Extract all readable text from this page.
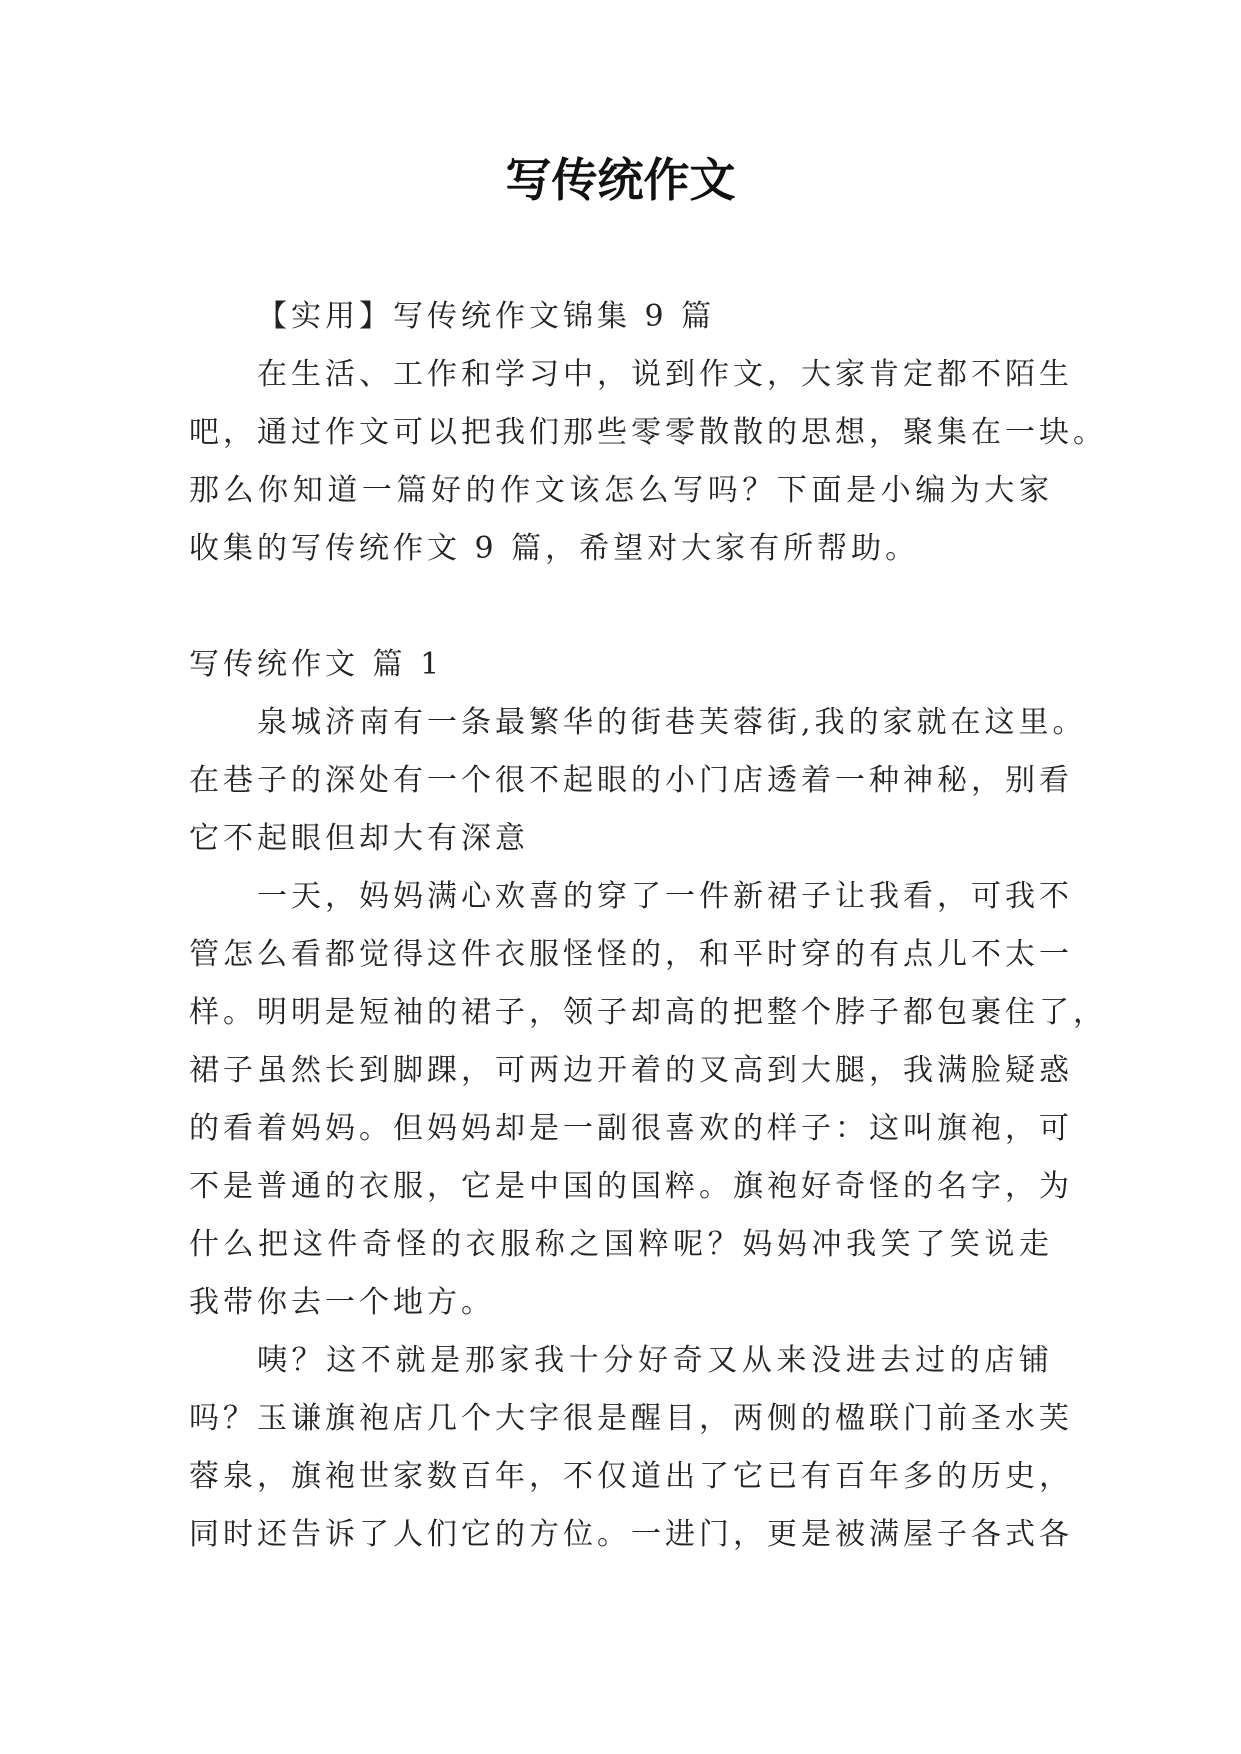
写传统作文
【实用】写传统作文锦集 9 篇
在生活、工作和学习中，说到作文，大家肯定都不陌生
吧，通过作文可以把我们那些零零散散的思想，聚集在一块。
那么你知道一篇好的作文该怎么写吗？下面是小编为大家
收集的写传统作文 9 篇，希望对大家有所帮助。
写传统作文 篇 1
泉城济南有一条最繁华的街巷芙蓉街,我的家就在这里。
在巷子的深处有一个很不起眼的小门店透着一种神秘，别看
它不起眼但却大有深意
一天，妈妈满心欢喜的穿了一件新裙子让我看，可我不
管怎么看都觉得这件衣服怪怪的，和平时穿的有点儿不太一
样。明明是短袖的裙子，领子却高的把整个脖子都包裹住了，
裙子虽然长到脚踝，可两边开着的叉高到大腿，我满脸疑惑
的看着妈妈。但妈妈却是一副很喜欢的样子：这叫旗袍，可
不是普通的衣服，它是中国的国粹。旗袍好奇怪的名字，为
什么把这件奇怪的衣服称之国粹呢？妈妈冲我笑了笑说走
我带你去一个地方。
咦？这不就是那家我十分好奇又从来没进去过的店铺
吗？玉谦旗袍店几个大字很是醒目，两侧的楹联门前圣水芙
蓉泉，旗袍世家数百年，不仅道出了它已有百年多的历史，
同时还告诉了人们它的方位。一进门，更是被满屋子各式各
